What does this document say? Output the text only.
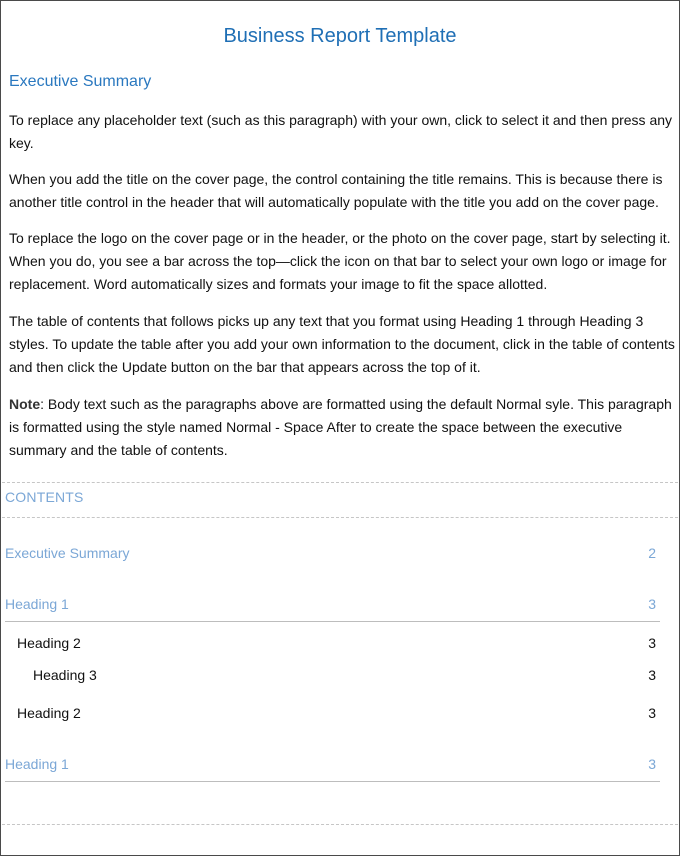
Business Report Template
Executive Summary

To replace any placeholder text (such as this paragraph) with your own, click to select it and then press any key.

When you add the title on the cover page, the control containing the title remains. This is because there is another title control in the header that will automatically populate with the title you add on the cover page.

To replace the logo on the cover page or in the header, or the photo on the cover page, start by selecting it. When you do, you see a bar across the top—click the icon on that bar to select your own logo or image for replacement. Word automatically sizes and formats your image to fit the space allotted.

The table of contents that follows picks up any text that you format using Heading 1 through Heading 3 styles. To update the table after you add your own information to the document, click in the table of contents and then click the Update button on the bar that appears across the top of it.

Note: Body text such as the paragraphs above are formatted using the default Normal syle. This paragraph is formatted using the style named Normal - Space After to create the space between the executive summary and the table of contents.

CONTENTS
Executive Summary	2
Heading 1	3
Heading 2	3
Heading 3	3
Heading 2	3
Heading 1	3
